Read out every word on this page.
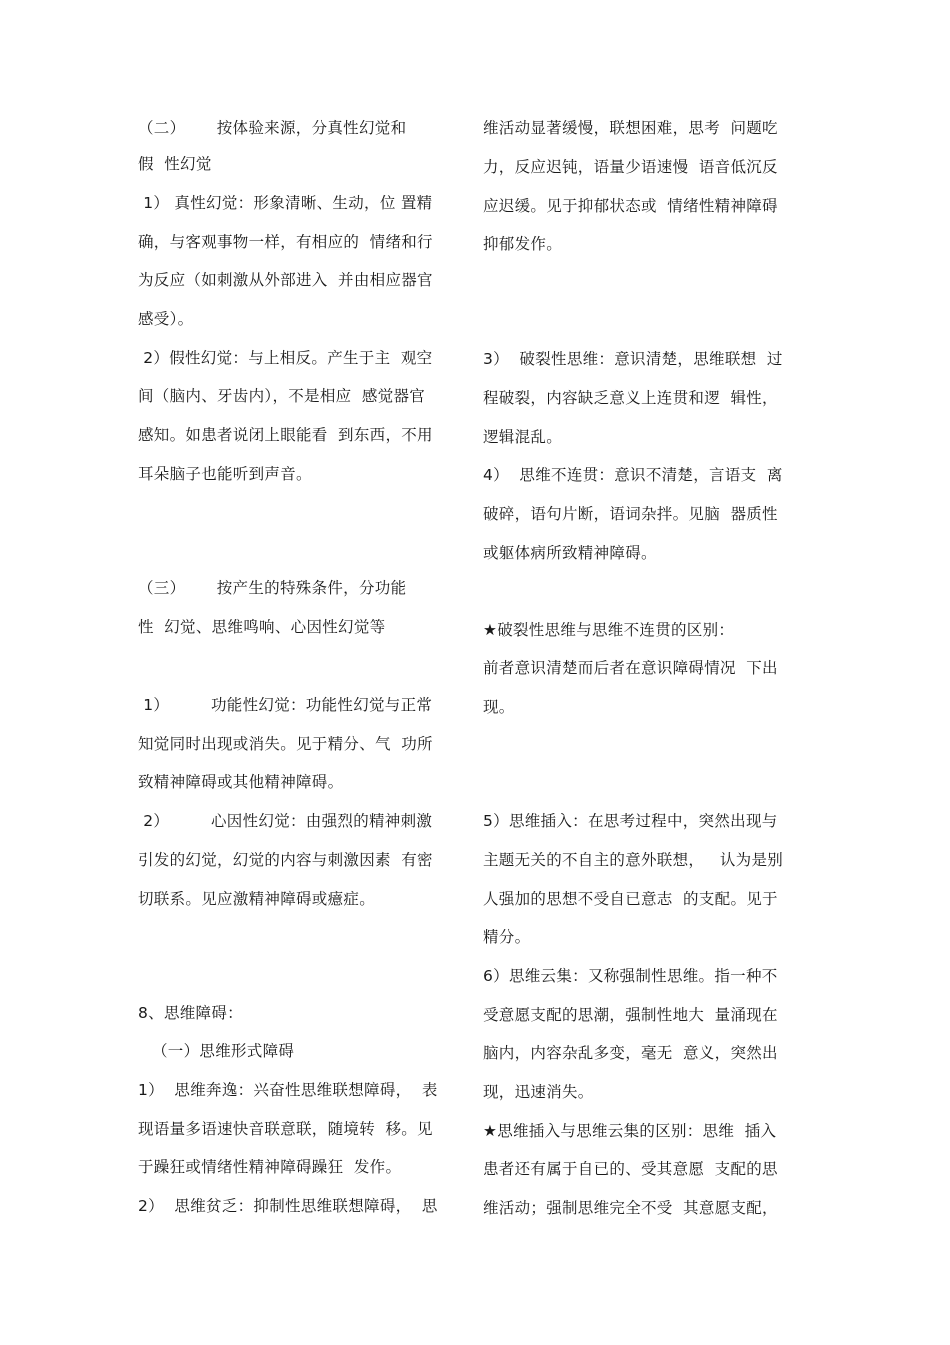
（二）      按体验来源，分真性幻觉和
假  性幻觉
1） 真性幻觉：形象清晰、生动，位 置精
确，与客观事物一样，有相应的  情绪和行
为反应（如刺激从外部进入  并由相应器官
感受）。
2）假性幻觉：与上相反。产生于主  观空
间（脑内、牙齿内），不是相应  感觉器官
感知。如患者说闭上眼能看  到东西，不用
耳朵脑子也能听到声音。
（三）      按产生的特殊条件，分功能
性  幻觉、思维鸣响、心因性幻觉等
1）        功能性幻觉：功能性幻觉与正常
知觉同时出现或消失。见于精分、气  功所
致精神障碍或其他精神障碍。
2）        心因性幻觉：由强烈的精神刺激
引发的幻觉，幻觉的内容与刺激因素  有密
切联系。见应激精神障碍或癔症。
8、思维障碍：
（一）思维形式障碍
1）  思维奔逸：兴奋性思维联想障碍，  表
现语量多语速快音联意联，随境转  移。见
于躁狂或情绪性精神障碍躁狂  发作。
2）  思维贫乏：抑制性思维联想障碍，  思
维活动显著缓慢，联想困难，思考  问题吃
力，反应迟钝，语量少语速慢  语音低沉反
应迟缓。见于抑郁状态或  情绪性精神障碍
抑郁发作。
3）  破裂性思维：意识清楚，思维联想  过
程破裂，内容缺乏意义上连贯和逻  辑性，
逻辑混乱。
4）  思维不连贯：意识不清楚，言语支  离
破碎，语句片断，语词杂拌。见脑  器质性
或躯体病所致精神障碍。
★破裂性思维与思维不连贯的区别：
前者意识清楚而后者在意识障碍情况  下出
现。
5）思维插入：在思考过程中，突然出现与
主题无关的不自主的意外联想，   认为是别
人强加的思想不受自已意志  的支配。见于
精分。
6）思维云集：又称强制性思维。指一种不
受意愿支配的思潮，强制性地大  量涌现在
脑内，内容杂乱多变，毫无  意义，突然出
现，迅速消失。
★思维插入与思维云集的区别：思维  插入
患者还有属于自已的、受其意愿  支配的思
维活动；强制思维完全不受  其意愿支配，
